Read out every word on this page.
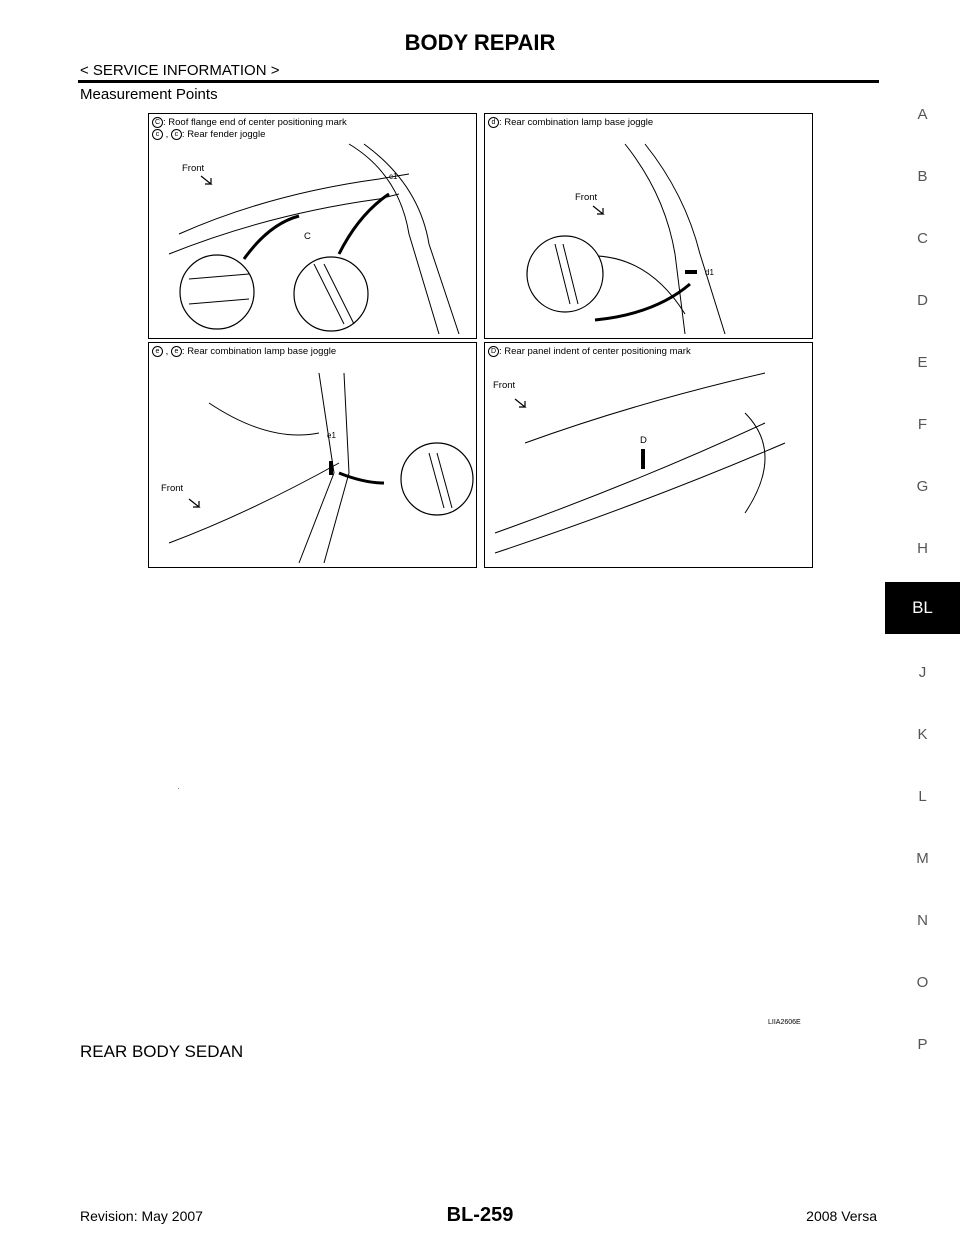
BODY REPAIR
< SERVICE INFORMATION >
Measurement Points
C : Roof flange end of center positioning mark
c , c : Rear fender joggle
Front
C
c1
d : Rear combination lamp base joggle
Front
d1
e , e : Rear combination lamp base joggle
Front
e1
D : Rear panel indent of center positioning mark
Front
D
LIIA2606E
REAR BODY SEDAN
A
B
C
D
E
F
G
H
BL
J
K
L
M
N
O
P
Revision: May 2007	BL-259	2008 Versa
